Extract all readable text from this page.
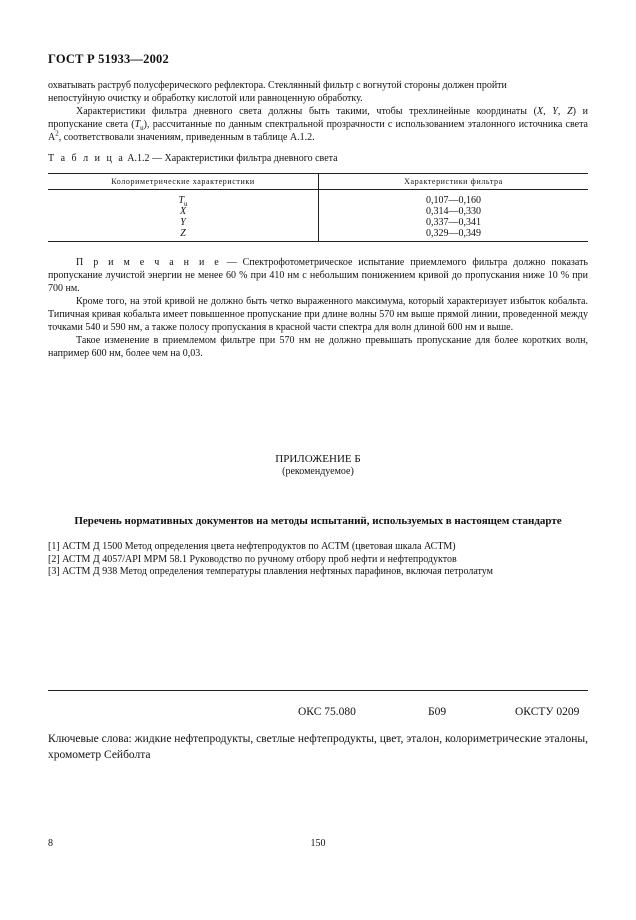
ГОСТ Р 51933—2002

охватывать раструб полусферического рефлектора. Стеклянный фильтр с вогнутой стороны должен пройти

непостуйную очистку и обработку кислотой или равноценную обработку.

Характеристики фильтра дневного света должны быть такими, чтобы трехлинейные координаты (X, Y, Z) и пропускание света $(T_u)$, рассчитанные по данным спектральной прозрачности с использованием эталонного источника света $A^2$, соответствовали значениям, приведенным в таблице А.1.2.

Т а б л и ц а А.1.2 — Характеристики фильтра дневного света
Колориметрические характеристики	Характеристики фильтра
$T_u$	0,107—0,160
X	0,314—0,330
Y	0,337—0,341
Z	0,329—0,349

П р и м е ч а н и е — Спектрофотометрическое испытание приемлемого фильтра должно показать пропускание лучистой энергии не менее 60 % при 410 нм с небольшим понижением кривой до пропускания ниже 10 % при 700 нм.

Кроме того, на этой кривой не должно быть четко выраженного максимума, который характеризует избыток кобальта. Типичная кривая кобальта имеет повышенное пропускание при длине волны 570 нм выше прямой линии, проведенной между точками 540 и 590 нм, а также полосу пропускания в красной части спектра для волн длиной 600 нм и выше.

Такое изменение в приемлемом фильтре при 570 нм не должно превышать пропускание для более коротких волн, например 600 нм, более чем на 0,03.

ПРИЛОЖЕНИЕ Б
(рекомендуемое)
Перечень нормативных документов на методы испытаний, используемых в настоящем стандарте
[1] АСТМ Д 1500 Метод определения цвета нефтепродуктов по АСТМ (цветовая шкала АСТМ)
[2] АСТМ Д 4057/API MPM 58.1 Руководство по ручному отбору проб нефти и нефтепродуктов
[3] АСТМ Д 938 Метод определения температуры плавления нефтяных парафинов, включая петролатум
ОКС 75.080	Б09	ОКСТУ 0209
Ключевые слова: жидкие нефтепродукты, светлые нефтепродукты, цвет, эталон, колориметрические эталоны, хромометр Сейболта
8	150
